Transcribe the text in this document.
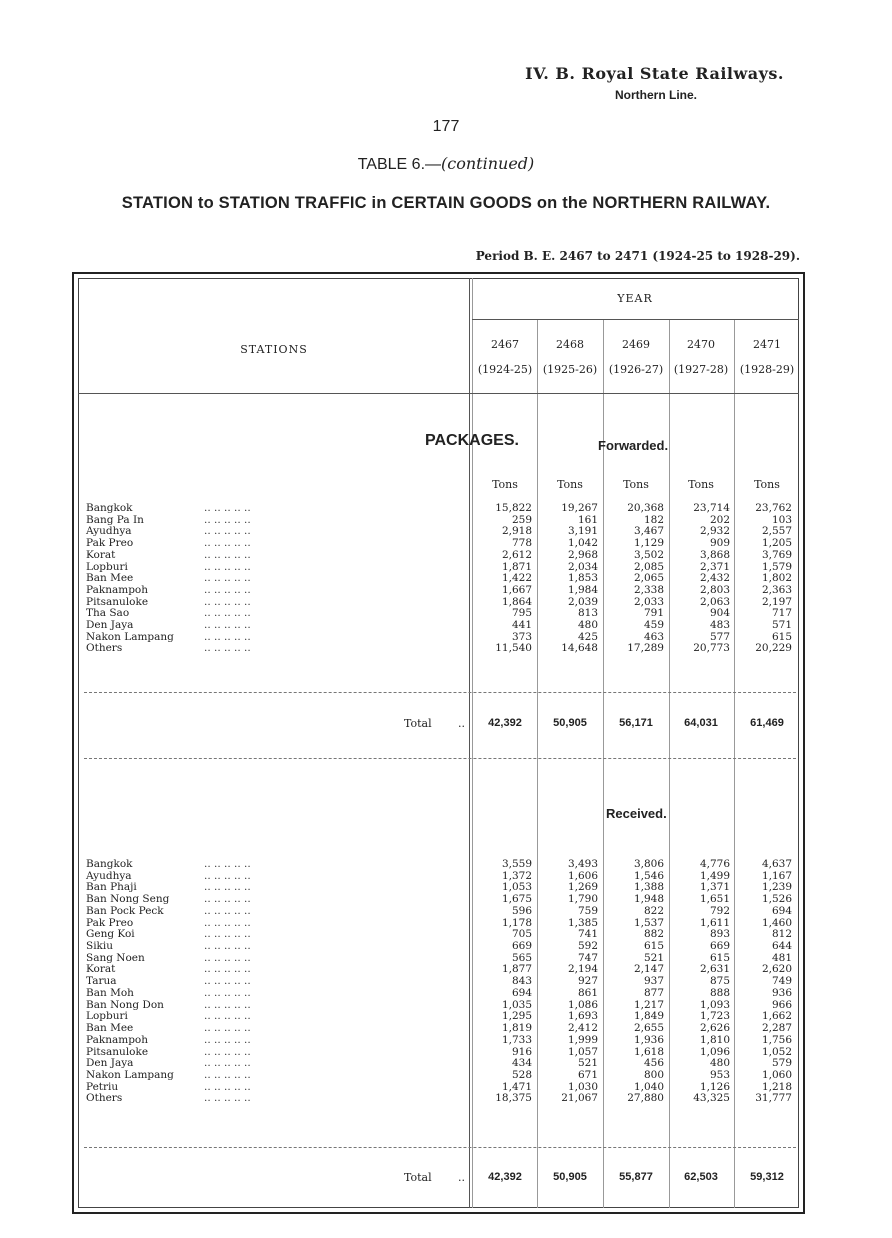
IV. B. Royal State Railways.
Northern Line.
177
TABLE 6.—(continued)
STATION to STATION TRAFFIC in CERTAIN GOODS on the NORTHERN RAILWAY.
Period B. E. 2467 to 2471 (1924-25 to 1928-29).
YEAR
STATIONS	2467
(1924-25)
2468
(1925-26)
2469
(1926-27)
2470
(1927-28)
2471
(1928-29)
PACKAGES.	Forwarded.
Received.
Tons	Tons	Tons	Tons	Tons
Bangkok	.. .. .. .. ..	15,822	19,267	20,368	23,714	23,762
Bang Pa In	.. .. .. .. ..	259	161	182	202	103
Ayudhya	.. .. .. .. ..	2,918	3,191	3,467	2,932	2,557
Pak Preo	.. .. .. .. ..	778	1,042	1,129	909	1,205
Korat	.. .. .. .. ..	2,612	2,968	3,502	3,868	3,769
Lopburi	.. .. .. .. ..	1,871	2,034	2,085	2,371	1,579
Ban Mee	.. .. .. .. ..	1,422	1,853	2,065	2,432	1,802
Paknampoh	.. .. .. .. ..	1,667	1,984	2,338	2,803	2,363
Pitsanuloke	.. .. .. .. ..	1,864	2,039	2,033	2,063	2,197
Tha Sao	.. .. .. .. ..	795	813	791	904	717
Den Jaya	.. .. .. .. ..	441	480	459	483	571
Nakon Lampang	.. .. .. .. ..	373	425	463	577	615
Others	.. .. .. .. ..	11,540	14,648	17,289	20,773	20,229
Total ..	42,392	50,905	56,171	64,031	61,469
Bangkok	.. .. .. .. ..	3,559	3,493	3,806	4,776	4,637
Ayudhya	.. .. .. .. ..	1,372	1,606	1,546	1,499	1,167
Ban Phaji	.. .. .. .. ..	1,053	1,269	1,388	1,371	1,239
Ban Nong Seng	.. .. .. .. ..	1,675	1,790	1,948	1,651	1,526
Ban Pock Peck	.. .. .. .. ..	596	759	822	792	694
Pak Preo	.. .. .. .. ..	1,178	1,385	1,537	1,611	1,460
Geng Koi	.. .. .. .. ..	705	741	882	893	812
Sikiu	.. .. .. .. ..	669	592	615	669	644
Sang Noen	.. .. .. .. ..	565	747	521	615	481
Korat	.. .. .. .. ..	1,877	2,194	2,147	2,631	2,620
Tarua	.. .. .. .. ..	843	927	937	875	749
Ban Moh	.. .. .. .. ..	694	861	877	888	936
Ban Nong Don	.. .. .. .. ..	1,035	1,086	1,217	1,093	966
Lopburi	.. .. .. .. ..	1,295	1,693	1,849	1,723	1,662
Ban Mee	.. .. .. .. ..	1,819	2,412	2,655	2,626	2,287
Paknampoh	.. .. .. .. ..	1,733	1,999	1,936	1,810	1,756
Pitsanuloke	.. .. .. .. ..	916	1,057	1,618	1,096	1,052
Den Jaya	.. .. .. .. ..	434	521	456	480	579
Nakon Lampang	.. .. .. .. ..	528	671	800	953	1,060
Petriu	.. .. .. .. ..	1,471	1,030	1,040	1,126	1,218
Others	.. .. .. .. ..	18,375	21,067	27,880	43,325	31,777
Total ..	42,392	50,905	55,877	62,503	59,312
